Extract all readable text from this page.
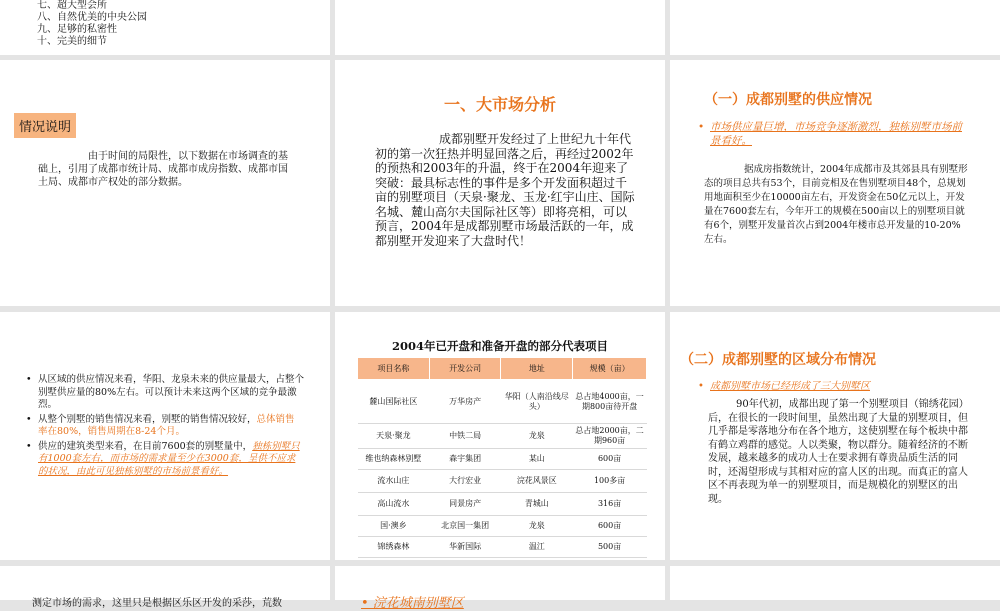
七、超大型会所
八、自然优美的中央公园
九、足够的私密性
十、完美的细节
情况说明
由于时间的局限性，以下数据在市场调查的基础上，引用了成都市统计局、成都市成房指数、成都市国土局、成都市产权处的部分数据。
一、大市场分析
成都别墅开发经过了上世纪九十年代初的第一次狂热并明显回落之后，再经过2002年的预热和2003年的升温，终于在2004年迎来了突破：最具标志性的事件是多个开发面积超过千亩的别墅项目（天泉·聚龙、玉龙·红宇山庄、国际名城、麓山高尔夫国际社区等）即将亮相，可以预言，2004年是成都别墅市场最活跃的一年，成都别墅开发迎来了大盘时代！
（一）成都别墅的供应情况
• 市场供应量巨增，市场竞争逐渐激烈，独栋别墅市场前景看好。
据成房指数统计，2004年成都市及其郊县具有别墅形态的项目总共有53个，目前竞相及在售别墅项目48个，总规划用地面积至少在10000亩左右，开发资金在50亿元以上，开发量在7600套左右，今年开工的规模在500亩以上的别墅项目就有6个，别墅开发量首次占到2004年楼市总开发量的10-20%左右。
• 从区域的供应情况来看，华阳、龙泉未来的供应量最大，占整个别墅供应量的80%左右。可以预计未来这两个区域的竞争最激烈。
• 从整个别墅的销售情况来看，别墅的销售情况较好，总体销售率在80%，销售周期在8-24个月。
• 供应的建筑类型来看，在目前7600套的别墅量中，独栋别墅只有1000套左右，而市场的需求量至少在3000套，呈供不应求的状况，由此可见独栋别墅的市场前景看好。
2004年已开盘和准备开盘的部分代表项目
项目名称	开发公司	地址	规模（亩）
麓山国际社区	万华房产	华阳（人南沿线尽头）	总占地4000亩，一期800亩待开盘
天泉·聚龙	中铁二局	龙泉	总占地2000亩，二期960亩
维也纳森林别墅	森宇集团	某山	600亩
流水山庄	大行宏业	浣花风景区	100多亩
高山流水	同景房产	青城山	316亩
国·澳乡	北京国一集团	龙泉	600亩
锦绣森林	华新国际	温江	500亩
（二）成都别墅的区域分布情况
• 成都别墅市场已经形成了三大别墅区
90年代初，成都出现了第一个别墅项目（锦绣花园）后，在很长的一段时间里，虽然出现了大量的别墅项目，但几乎都是零落地分布在各个地方，这使别墅在每个板块中都有鹤立鸡群的感觉。人以类聚，物以群分。随着经济的不断发展，越来越多的成功人士在要求拥有尊贵品质生活的同时，还渴望形成与其相对应的富人区的出现。而真正的富人区不再表现为单一的别墅项目，而是规模化的别墅区的出现。
测定市场的需求，这里只是根据区乐区开发的采莎，荒数	• 浣花城南别墅区
